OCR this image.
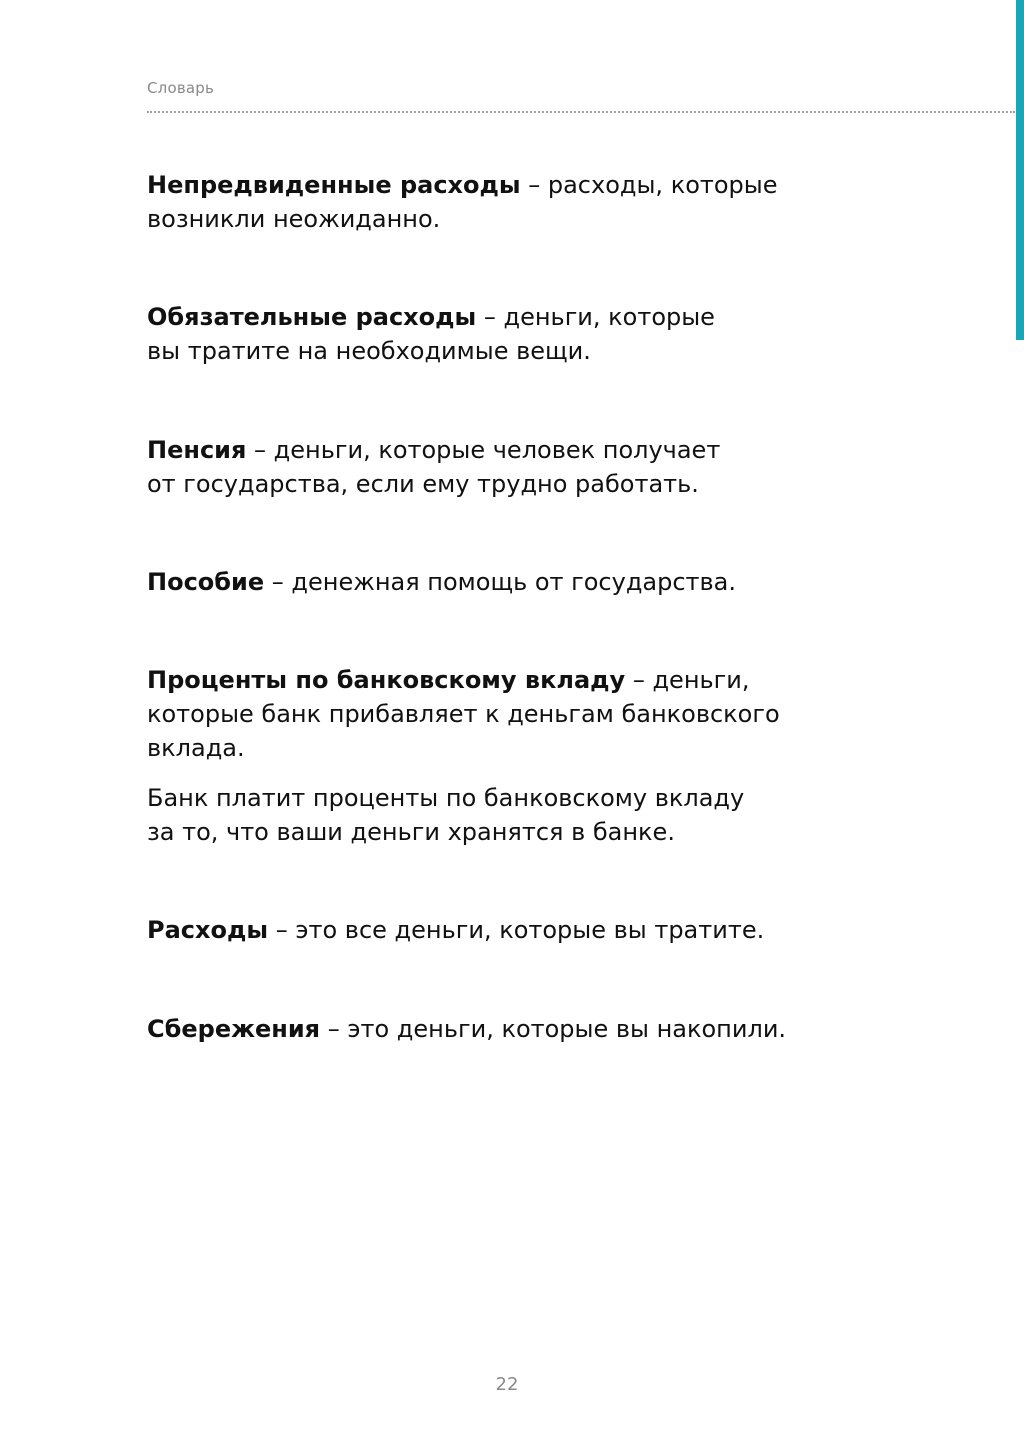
Словарь

Непредвиденные расходы – расходы, которые
возникли неожиданно.

Обязательные расходы – деньги, которые
вы тратите на необходимые вещи.

Пенсия – деньги, которые человек получает
от государства, если ему трудно работать.

Пособие – денежная помощь от государства.

Проценты по банковскому вкладу – деньги,
которые банк прибавляет к деньгам банковского
вклада.

Банк платит проценты по банковскому вкладу
за то, что ваши деньги хранятся в банке.

Расходы – это все деньги, которые вы тратите.

Сбережения – это деньги, которые вы накопили.

22
